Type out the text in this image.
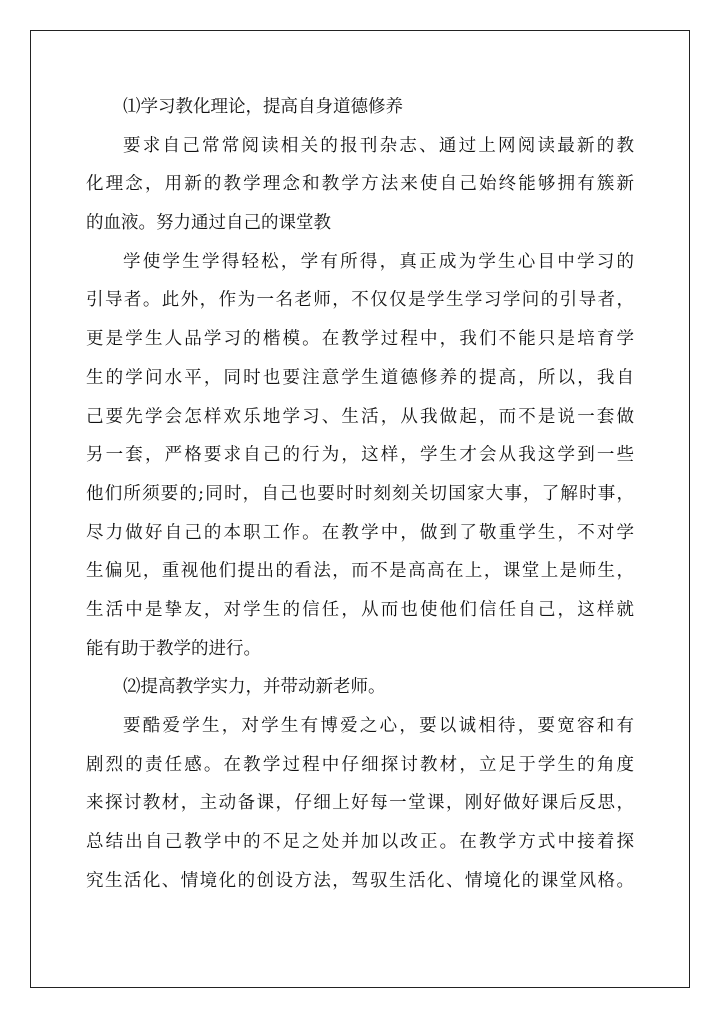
⑴学习教化理论，提高自身道德修养
要求自己常常阅读相关的报刊杂志、通过上网阅读最新的教
化理念，用新的教学理念和教学方法来使自己始终能够拥有簇新
的血液。努力通过自己的课堂教
学使学生学得轻松，学有所得，真正成为学生心目中学习的
引导者。此外，作为一名老师，不仅仅是学生学习学问的引导者，
更是学生人品学习的楷模。在教学过程中，我们不能只是培育学
生的学问水平，同时也要注意学生道德修养的提高，所以，我自
己要先学会怎样欢乐地学习、生活，从我做起，而不是说一套做
另一套，严格要求自己的行为，这样，学生才会从我这学到一些
他们所须要的;同时，自己也要时时刻刻关切国家大事，了解时事，
尽力做好自己的本职工作。在教学中，做到了敬重学生，不对学
生偏见，重视他们提出的看法，而不是高高在上，课堂上是师生，
生活中是挚友，对学生的信任，从而也使他们信任自己，这样就
能有助于教学的进行。
⑵提高教学实力，并带动新老师。
要酷爱学生，对学生有博爱之心，要以诚相待，要宽容和有
剧烈的责任感。在教学过程中仔细探讨教材，立足于学生的角度
来探讨教材，主动备课，仔细上好每一堂课，刚好做好课后反思，
总结出自己教学中的不足之处并加以改正。在教学方式中接着探
究生活化、情境化的创设方法，驾驭生活化、情境化的课堂风格。
